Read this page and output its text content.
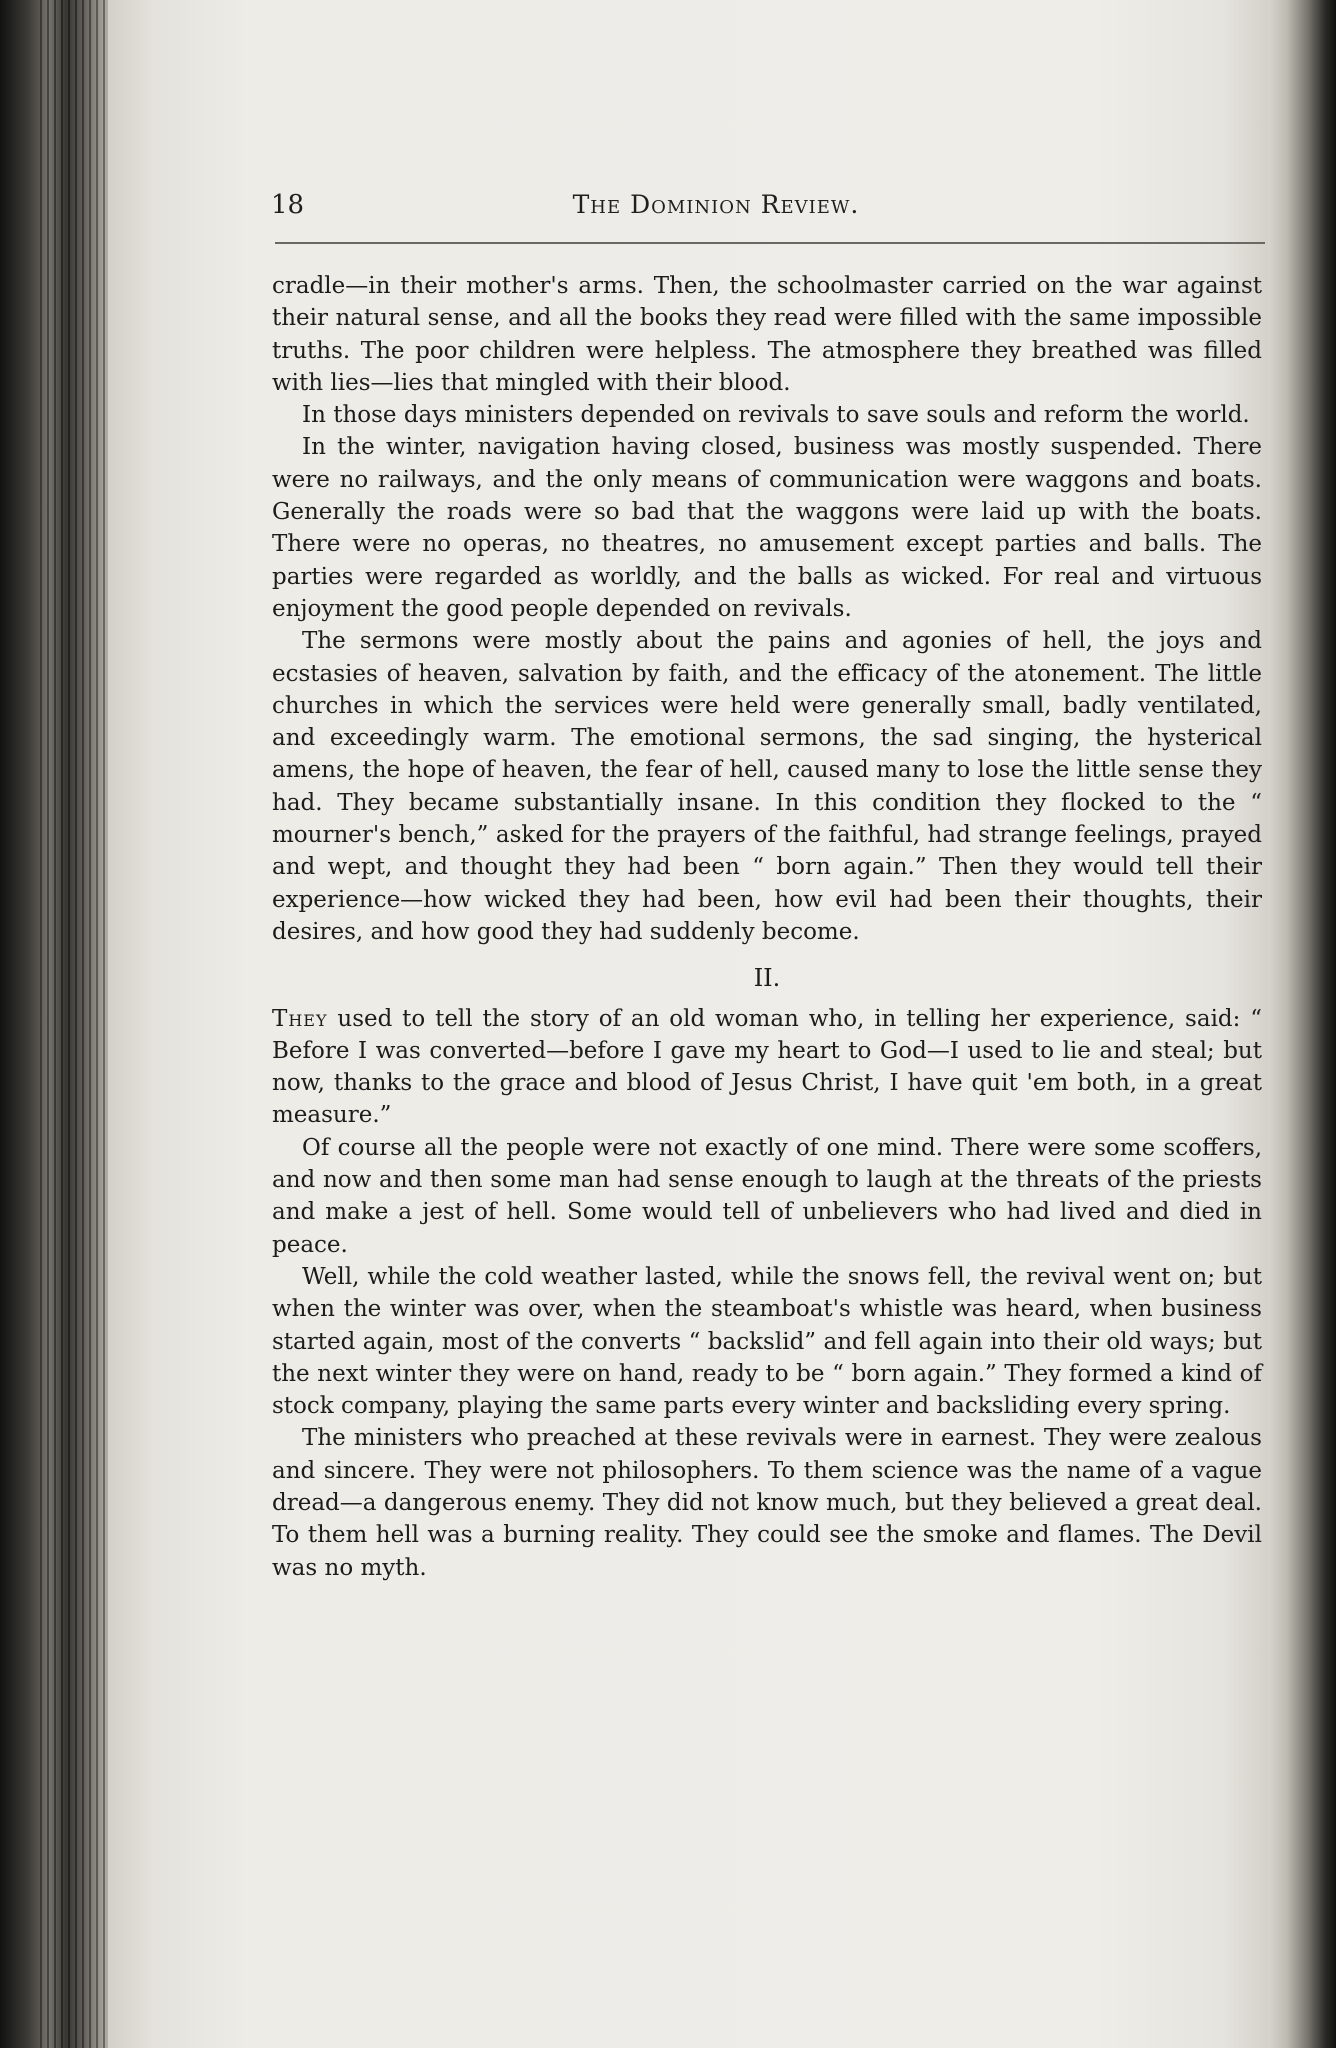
18	The Dominion Review.

cradle—in their mother's arms. Then, the schoolmaster carried on the war against their natural sense, and all the books they read were filled with the same impossible truths. The poor children were helpless. The atmosphere they breathed was filled with lies—lies that mingled with their blood.

In those days ministers depended on revivals to save souls and reform the world.

In the winter, navigation having closed, business was mostly suspended. There were no railways, and the only means of communication were waggons and boats. Generally the roads were so bad that the waggons were laid up with the boats. There were no operas, no theatres, no amusement except parties and balls. The parties were regarded as worldly, and the balls as wicked. For real and virtuous enjoyment the good people depended on revivals.

The sermons were mostly about the pains and agonies of hell, the joys and ecstasies of heaven, salvation by faith, and the efficacy of the atonement. The little churches in which the services were held were generally small, badly ventilated, and exceedingly warm. The emotional sermons, the sad singing, the hysterical amens, the hope of heaven, the fear of hell, caused many to lose the little sense they had. They became substantially insane. In this condition they flocked to the “ mourner's bench,” asked for the prayers of the faithful, had strange feelings, prayed and wept, and thought they had been “ born again.” Then they would tell their experience—how wicked they had been, how evil had been their thoughts, their desires, and how good they had suddenly become.

II.

They used to tell the story of an old woman who, in telling her experience, said: “ Before I was converted—before I gave my heart to God—I used to lie and steal; but now, thanks to the grace and blood of Jesus Christ, I have quit 'em both, in a great measure.”

Of course all the people were not exactly of one mind. There were some scoffers, and now and then some man had sense enough to laugh at the threats of the priests and make a jest of hell. Some would tell of unbelievers who had lived and died in peace.

Well, while the cold weather lasted, while the snows fell, the revival went on; but when the winter was over, when the steamboat's whistle was heard, when business started again, most of the converts “ backslid” and fell again into their old ways; but the next winter they were on hand, ready to be “ born again.” They formed a kind of stock company, playing the same parts every winter and backsliding every spring.

The ministers who preached at these revivals were in earnest. They were zealous and sincere. They were not philosophers. To them science was the name of a vague dread—a dangerous enemy. They did not know much, but they believed a great deal. To them hell was a burning reality. They could see the smoke and flames. The Devil was no myth.
